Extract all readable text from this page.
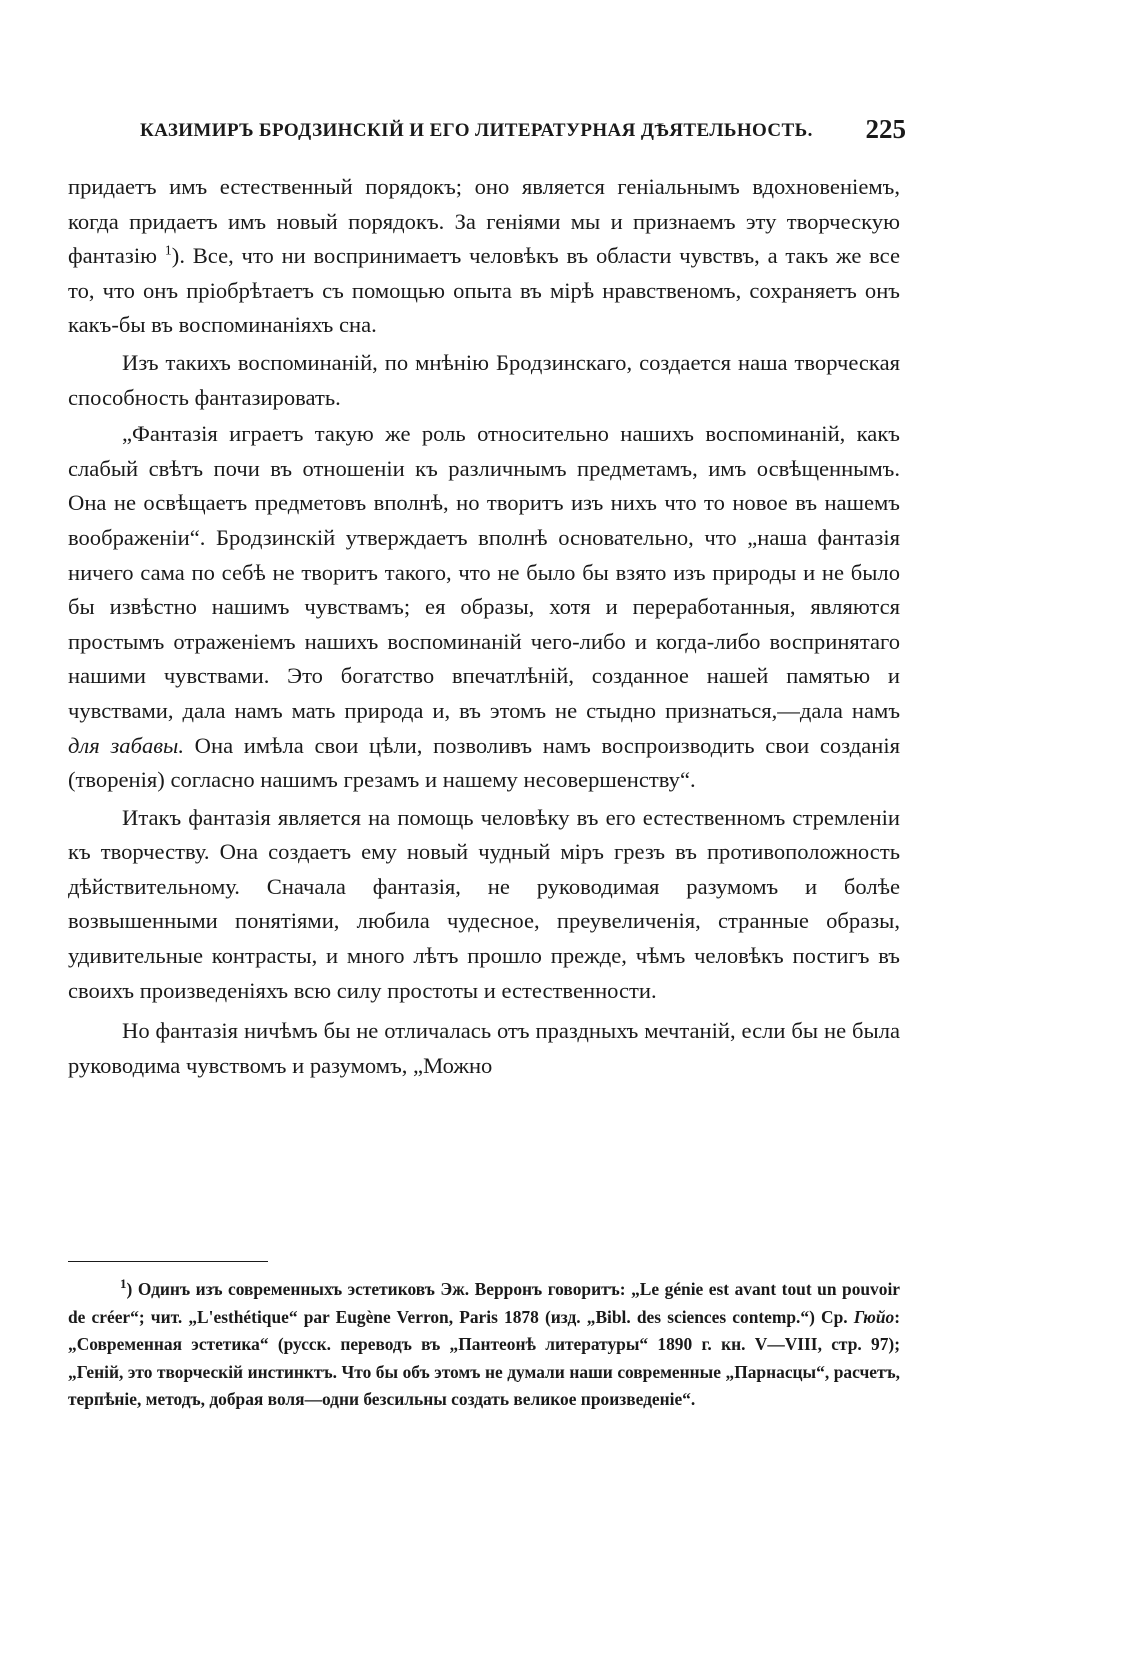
КАЗИМИРЪ БРОДЗИНСКІЙ И ЕГО ЛИТЕРАТУРНАЯ ДѢЯТЕЛЬНОСТЬ. 225

придаетъ имъ естественный порядокъ; оно является геніальнымъ вдохновеніемъ, когда придаетъ имъ новый порядокъ. За геніями мы и признаемъ эту творческую фантазію $^1$). Все, что ни воспринимаетъ человѣкъ въ области чувствъ, а такъ же все то, что онъ пріобрѣтаетъ съ помощью опыта въ мірѣ нравственомъ, сохраняетъ онъ какъ-бы въ воспоминаніяхъ сна.

Изъ такихъ воспоминаній, по мнѣнію Бродзинскаго, создается наша творческая способность фантазировать.

„Фантазія играетъ такую же роль относительно нашихъ воспоминаній, какъ слабый свѣтъ почи въ отношеніи къ различнымъ предметамъ, имъ освѣщеннымъ. Она не освѣщаетъ предметовъ вполнѣ, но творитъ изъ нихъ что то новое въ нашемъ воображеніи“. Бродзинскій утверждаетъ вполнѣ основательно, что „наша фантазія ничего сама по себѣ не творитъ такого, что не было бы взято изъ природы и не было бы извѣстно нашимъ чувствамъ; ея образы, хотя и переработанныя, являются простымъ отраженіемъ нашихъ воспоминаній чего-либо и когда-либо воспринятаго нашими чувствами. Это богатство впечатлѣній, созданное нашей памятью и чувствами, дала намъ мать природа и, въ этомъ не стыдно признаться,—дала намъ для забавы. Она имѣла свои цѣли, позволивъ намъ воспроизводить свои созданія (творенія) согласно нашимъ грезамъ и нашему несовершенству“.

Итакъ фантазія является на помощь человѣку въ его естественномъ стремленіи къ творчеству. Она создаетъ ему новый чудный міръ грезъ въ противоположность дѣйствительному. Сначала фантазія, не руководимая разумомъ и болѣе возвышенными понятіями, любила чудесное, преувеличенія, странные образы, удивительные контрасты, и много лѣтъ прошло прежде, чѣмъ человѣкъ постигъ въ своихъ произведеніяхъ всю силу простоты и естественности.

Но фантазія ничѣмъ бы не отличалась отъ праздныхъ мечтаній, если бы не была руководима чувствомъ и разумомъ, „Можно

$^1$) Одинъ изъ современныхъ эстетиковъ Эж. Верронъ говоритъ: „Le génie est avant tout un pouvoir de créer“; чит. „L'esthétique“ par Eugène Verron, Paris 1878 (изд. „Bibl. des sciences contemp.“) Ср. Гюйо: „Современная эстетика“ (русск. переводъ въ „Пантеонѣ литературы“ 1890 г. кн. V—VIII, стр. 97); „Геній, это творческій инстинктъ. Что бы объ этомъ не думали наши современные „Парнасцы“, расчетъ, терпѣніе, методъ, добрая воля—одни безсильны создать великое произведеніе“.
